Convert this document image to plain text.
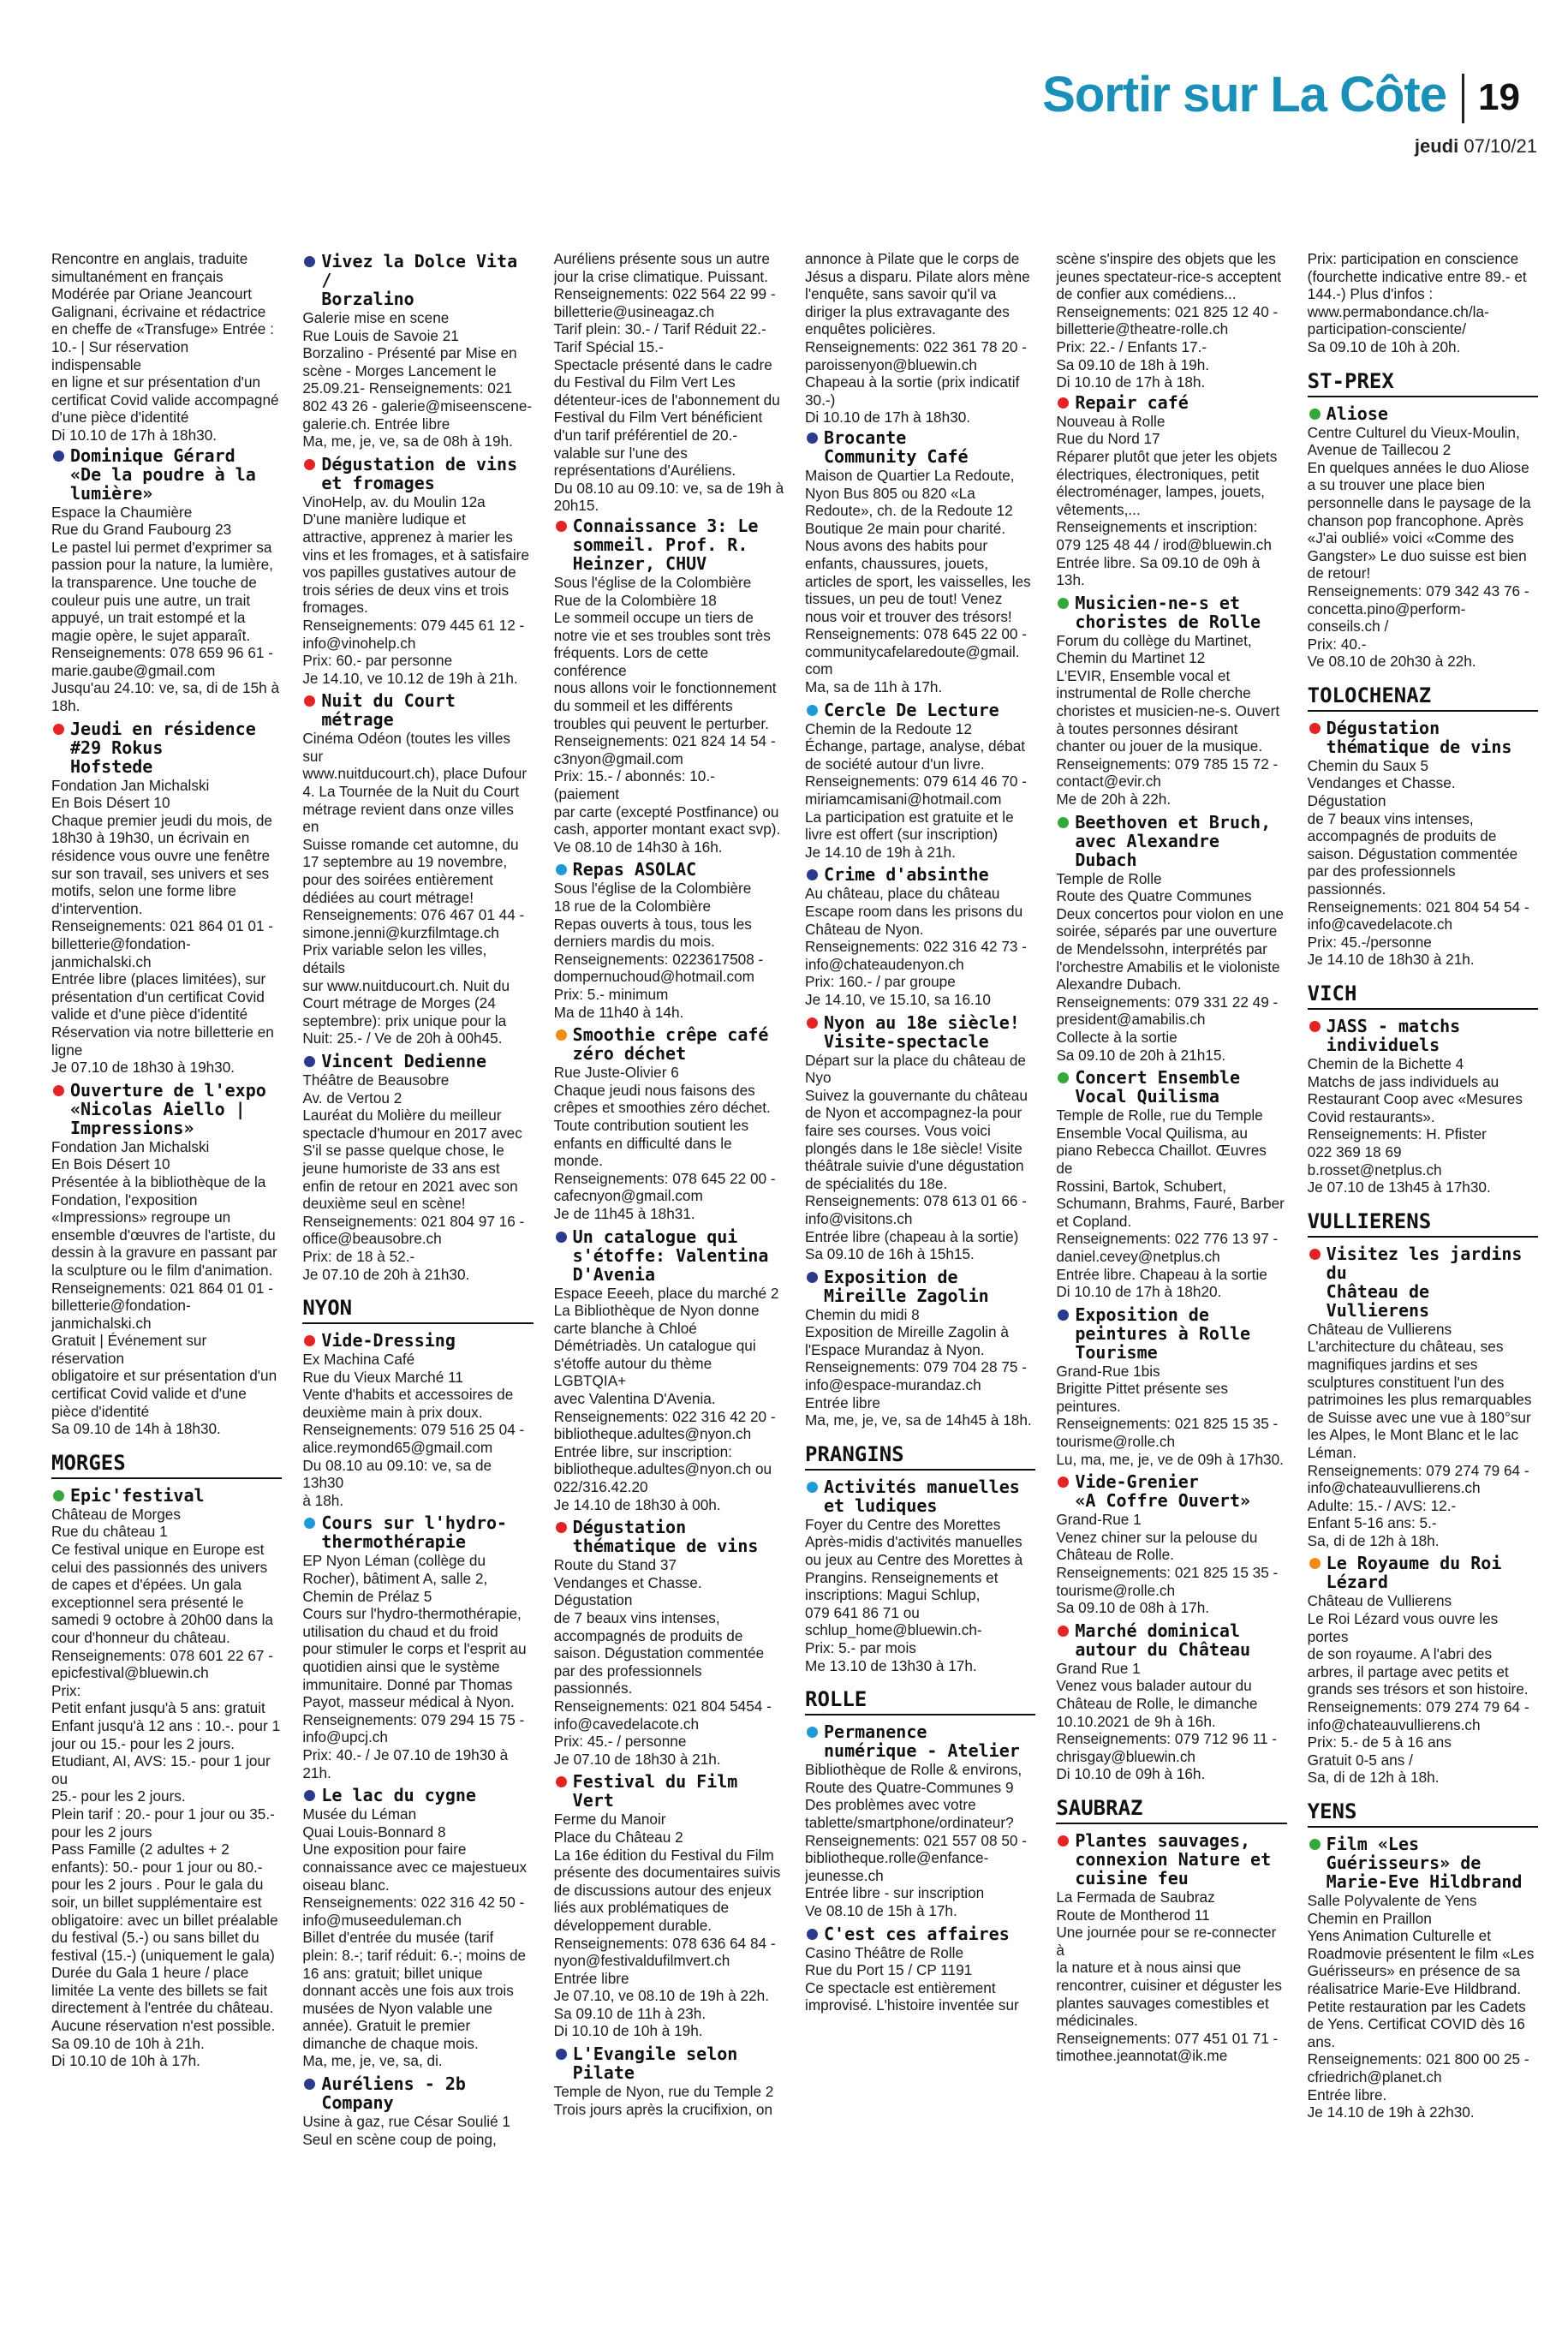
Sortir sur La Côte 19
jeudi 07/10/21

Rencontre en anglais, traduite
simultanément en français
Modérée par Oriane Jeancourt
Galignani, écrivaine et rédactrice
en cheffe de «Transfuge» Entrée :
10.- | Sur réservation indispensable
en ligne et sur présentation d'un
certificat Covid valide accompagné
d'une pièce d'identité
Di 10.10 de 17h à 18h30.

Dominique Gérard
«De la poudre à la
lumière»

Espace la Chaumière
Rue du Grand Faubourg 23
Le pastel lui permet d'exprimer sa
passion pour la nature, la lumière,
la transparence. Une touche de
couleur puis une autre, un trait
appuyé, un trait estompé et la
magie opère, le sujet apparaît.
Renseignements: 078 659 96 61 -
marie.gaube@gmail.com
Jusqu'au 24.10: ve, sa, di de 15h à
18h.

Jeudi en résidence
#29 Rokus
Hofstede

Fondation Jan Michalski
En Bois Désert 10
Chaque premier jeudi du mois, de
18h30 à 19h30, un écrivain en
résidence vous ouvre une fenêtre
sur son travail, ses univers et ses
motifs, selon une forme libre
d'intervention.
Renseignements: 021 864 01 01 -
billetterie@fondation-
janmichalski.ch
Entrée libre (places limitées), sur
présentation d'un certificat Covid
valide et d'une pièce d'identité
Réservation via notre billetterie en
ligne
Je 07.10 de 18h30 à 19h30.

Ouverture de l'expo
«Nicolas Aiello |
Impressions»

Fondation Jan Michalski
En Bois Désert 10
Présentée à la bibliothèque de la
Fondation, l'exposition
«Impressions» regroupe un
ensemble d'œuvres de l'artiste, du
dessin à la gravure en passant par
la sculpture ou le film d'animation.
Renseignements: 021 864 01 01 -
billetterie@fondation-
janmichalski.ch
Gratuit | Événement sur réservation
obligatoire et sur présentation d'un
certificat Covid valide et d'une
pièce d'identité
Sa 09.10 de 14h à 18h30.

MORGES
Epic'festival

Château de Morges
Rue du château 1
Ce festival unique en Europe est
celui des passionnés des univers
de capes et d'épées. Un gala
exceptionnel sera présenté le
samedi 9 octobre à 20h00 dans la
cour d'honneur du château.
Renseignements: 078 601 22 67 -
epicfestival@bluewin.ch
Prix:
Petit enfant jusqu'à 5 ans: gratuit
Enfant jusqu'à 12 ans : 10.-. pour 1
jour ou 15.- pour les 2 jours.
Etudiant, AI, AVS: 15.- pour 1 jour ou
25.- pour les 2 jours.
Plein tarif : 20.- pour 1 jour ou 35.-
pour les 2 jours
Pass Famille (2 adultes + 2
enfants): 50.- pour 1 jour ou 80.-
pour les 2 jours . Pour le gala du
soir, un billet supplémentaire est
obligatoire: avec un billet préalable
du festival (5.-) ou sans billet du
festival (15.-) (uniquement le gala)
Durée du Gala 1 heure / place
limitée La vente des billets se fait
directement à l'entrée du château.
Aucune réservation n'est possible.
Sa 09.10 de 10h à 21h.
Di 10.10 de 10h à 17h.

Vivez la Dolce Vita /
Borzalino

Galerie mise en scene
Rue Louis de Savoie 21
Borzalino - Présenté par Mise en
scène - Morges Lancement le
25.09.21- Renseignements: 021
802 43 26 - galerie@miseenscene-
galerie.ch. Entrée libre
Ma, me, je, ve, sa de 08h à 19h.

Dégustation de vins
et fromages

VinoHelp, av. du Moulin 12a
D'une manière ludique et
attractive, apprenez à marier les
vins et les fromages, et à satisfaire
vos papilles gustatives autour de
trois séries de deux vins et trois
fromages.
Renseignements: 079 445 61 12 -
info@vinohelp.ch
Prix: 60.- par personne
Je 14.10, ve 10.12 de 19h à 21h.

Nuit du Court métrage

Cinéma Odéon (toutes les villes sur
www.nuitducourt.ch), place Dufour
4. La Tournée de la Nuit du Court
métrage revient dans onze villes en
Suisse romande cet automne, du
17 septembre au 19 novembre,
pour des soirées entièrement
dédiées au court métrage!
Renseignements: 076 467 01 44 -
simone.jenni@kurzfilmtage.ch
Prix variable selon les villes, détails
sur www.nuitducourt.ch. Nuit du
Court métrage de Morges (24
septembre): prix unique pour la
Nuit: 25.- / Ve de 20h à 00h45.

Vincent Dedienne

Théâtre de Beausobre
Av. de Vertou 2
Lauréat du Molière du meilleur
spectacle d'humour en 2017 avec
S'il se passe quelque chose, le
jeune humoriste de 33 ans est
enfin de retour en 2021 avec son
deuxième seul en scène!
Renseignements: 021 804 97 16 -
office@beausobre.ch
Prix: de 18 à 52.-
Je 07.10 de 20h à 21h30.

NYON
Vide-Dressing

Ex Machina Café
Rue du Vieux Marché 11
Vente d'habits et accessoires de
deuxième main à prix doux.
Renseignements: 079 516 25 04 -
alice.reymond65@gmail.com
Du 08.10 au 09.10: ve, sa de 13h30
à 18h.

Cours sur l'hydro-
thermothérapie

EP Nyon Léman (collège du
Rocher), bâtiment A, salle 2,
Chemin de Prélaz 5
Cours sur l'hydro-thermothérapie,
utilisation du chaud et du froid
pour stimuler le corps et l'esprit au
quotidien ainsi que le système
immunitaire. Donné par Thomas
Payot, masseur médical à Nyon.
Renseignements: 079 294 15 75 -
info@upcj.ch
Prix: 40.- / Je 07.10 de 19h30 à 21h.

Le lac du cygne

Musée du Léman
Quai Louis-Bonnard 8
Une exposition pour faire
connaissance avec ce majestueux
oiseau blanc.
Renseignements: 022 316 42 50 -
info@museeduleman.ch
Billet d'entrée du musée (tarif
plein: 8.-; tarif réduit: 6.-; moins de
16 ans: gratuit; billet unique
donnant accès une fois aux trois
musées de Nyon valable une
année). Gratuit le premier
dimanche de chaque mois.
Ma, me, je, ve, sa, di.

Auréliens - 2b
Company

Usine à gaz, rue César Soulié 1
Seul en scène coup de poing,

Auréliens présente sous un autre
jour la crise climatique. Puissant.
Renseignements: 022 564 22 99 -
billetterie@usineagaz.ch
Tarif plein: 30.- / Tarif Réduit 22.-
Tarif Spécial 15.-
Spectacle présenté dans le cadre
du Festival du Film Vert Les
détenteur-ices de l'abonnement du
Festival du Film Vert bénéficient
d'un tarif préférentiel de 20.-
valable sur l'une des
représentations d'Auréliens.
Du 08.10 au 09.10: ve, sa de 19h à
20h15.

Connaissance 3: Le
sommeil. Prof. R.
Heinzer, CHUV

Sous l'église de la Colombière
Rue de la Colombière 18
Le sommeil occupe un tiers de
notre vie et ses troubles sont très
fréquents. Lors de cette conférence
nous allons voir le fonctionnement
du sommeil et les différents
troubles qui peuvent le perturber.
Renseignements: 021 824 14 54 -
c3nyon@gmail.com
Prix: 15.- / abonnés: 10.- (paiement
par carte (excepté Postfinance) ou
cash, apporter montant exact svp).
Ve 08.10 de 14h30 à 16h.

Repas ASOLAC

Sous l'église de la Colombière
18 rue de la Colombière
Repas ouverts à tous, tous les
derniers mardis du mois.
Renseignements: 0223617508 -
dompernuchoud@hotmail.com
Prix: 5.- minimum
Ma de 11h40 à 14h.

Smoothie crêpe café
zéro déchet

Rue Juste-Olivier 6
Chaque jeudi nous faisons des
crêpes et smoothies zéro déchet.
Toute contribution soutient les
enfants en difficulté dans le
monde.
Renseignements: 078 645 22 00 -
cafecnyon@gmail.com
Je de 11h45 à 18h31.

Un catalogue qui
s'étoffe: Valentina
D'Avenia

Espace Eeeeh, place du marché 2
La Bibliothèque de Nyon donne
carte blanche à Chloé
Démétriadès. Un catalogue qui
s'étoffe autour du thème LGBTQIA+
avec Valentina D'Avenia.
Renseignements: 022 316 42 20 -
bibliotheque.adultes@nyon.ch
Entrée libre, sur inscription:
bibliotheque.adultes@nyon.ch ou
022/316.42.20
Je 14.10 de 18h30 à 00h.

Dégustation
thématique de vins

Route du Stand 37
Vendanges et Chasse. Dégustation
de 7 beaux vins intenses,
accompagnés de produits de
saison. Dégustation commentée
par des professionnels
passionnés.
Renseignements: 021 804 5454 -
info@cavedelacote.ch
Prix: 45.- / personne
Je 07.10 de 18h30 à 21h.

Festival du Film Vert

Ferme du Manoir
Place du Château 2
La 16e édition du Festival du Film
présente des documentaires suivis
de discussions autour des enjeux
liés aux problématiques de
développement durable.
Renseignements: 078 636 64 84 -
nyon@festivaldufilmvert.ch
Entrée libre
Je 07.10, ve 08.10 de 19h à 22h.
Sa 09.10 de 11h à 23h.
Di 10.10 de 10h à 19h.

L'Evangile selon
Pilate

Temple de Nyon, rue du Temple 2
Trois jours après la crucifixion, on

annonce à Pilate que le corps de
Jésus a disparu. Pilate alors mène
l'enquête, sans savoir qu'il va
diriger la plus extravagante des
enquêtes policières.
Renseignements: 022 361 78 20 -
paroissenyon@bluewin.ch
Chapeau à la sortie (prix indicatif
30.-)
Di 10.10 de 17h à 18h30.

Brocante
Community Café

Maison de Quartier La Redoute,
Nyon Bus 805 ou 820 «La
Redoute», ch. de la Redoute 12
Boutique 2e main pour charité.
Nous avons des habits pour
enfants, chaussures, jouets,
articles de sport, les vaisselles, les
tissues, un peu de tout! Venez
nous voir et trouver des trésors!
Renseignements: 078 645 22 00 -
communitycafelaredoute@gmail.
com
Ma, sa de 11h à 17h.

Cercle De Lecture

Chemin de la Redoute 12
Échange, partage, analyse, débat
de société autour d'un livre.
Renseignements: 079 614 46 70 -
miriamcamisani@hotmail.com
La participation est gratuite et le
livre est offert (sur inscription)
Je 14.10 de 19h à 21h.

Crime d'absinthe

Au château, place du château
Escape room dans les prisons du
Château de Nyon.
Renseignements: 022 316 42 73 -
info@chateaudenyon.ch
Prix: 160.- / par groupe
Je 14.10, ve 15.10, sa 16.10

Nyon au 18e siècle!
Visite-spectacle

Départ sur la place du château de
Nyo
Suivez la gouvernante du château
de Nyon et accompagnez-la pour
faire ses courses. Vous voici
plongés dans le 18e siècle! Visite
théâtrale suivie d'une dégustation
de spécialités du 18e.
Renseignements: 078 613 01 66 -
info@visitons.ch
Entrée libre (chapeau à la sortie)
Sa 09.10 de 16h à 15h15.

Exposition de
Mireille Zagolin

Chemin du midi 8
Exposition de Mireille Zagolin à
l'Espace Murandaz à Nyon.
Renseignements: 079 704 28 75 -
info@espace-murandaz.ch
Entrée libre
Ma, me, je, ve, sa de 14h45 à 18h.

PRANGINS
Activités manuelles
et ludiques

Foyer du Centre des Morettes
Après-midis d'activités manuelles
ou jeux au Centre des Morettes à
Prangins. Renseignements et
inscriptions: Magui Schlup,
079 641 86 71 ou
schlup_home@bluewin.ch-
Prix: 5.- par mois
Me 13.10 de 13h30 à 17h.

ROLLE
Permanence
numérique - Atelier

Bibliothèque de Rolle & environs,
Route des Quatre-Communes 9
Des problèmes avec votre
tablette/smartphone/ordinateur?
Renseignements: 021 557 08 50 -
bibliotheque.rolle@enfance-
jeunesse.ch
Entrée libre - sur inscription
Ve 08.10 de 15h à 17h.

C'est ces affaires

Casino Théâtre de Rolle
Rue du Port 15 / CP 1191
Ce spectacle est entièrement
improvisé. L'histoire inventée sur

scène s'inspire des objets que les
jeunes spectateur-rice-s acceptent
de confier aux comédiens...
Renseignements: 021 825 12 40 -
billetterie@theatre-rolle.ch
Prix: 22.- / Enfants 17.-
Sa 09.10 de 18h à 19h.
Di 10.10 de 17h à 18h.

Repair café

Nouveau à Rolle
Rue du Nord 17
Réparer plutôt que jeter les objets
électriques, électroniques, petit
électroménager, lampes, jouets,
vêtements,...
Renseignements et inscription:
079 125 48 44 / irod@bluewin.ch
Entrée libre. Sa 09.10 de 09h à 13h.

Musicien-ne-s et
choristes de Rolle

Forum du collège du Martinet,
Chemin du Martinet 12
L'EVIR, Ensemble vocal et
instrumental de Rolle cherche
choristes et musicien-ne-s. Ouvert
à toutes personnes désirant
chanter ou jouer de la musique.
Renseignements: 079 785 15 72 -
contact@evir.ch
Me de 20h à 22h.

Beethoven et Bruch,
avec Alexandre
Dubach

Temple de Rolle
Route des Quatre Communes
Deux concertos pour violon en une
soirée, séparés par une ouverture
de Mendelssohn, interprétés par
l'orchestre Amabilis et le violoniste
Alexandre Dubach.
Renseignements: 079 331 22 49 -
president@amabilis.ch
Collecte à la sortie
Sa 09.10 de 20h à 21h15.

Concert Ensemble
Vocal Quilisma

Temple de Rolle, rue du Temple
Ensemble Vocal Quilisma, au
piano Rebecca Chaillot. Œuvres de
Rossini, Bartok, Schubert,
Schumann, Brahms, Fauré, Barber
et Copland.
Renseignements: 022 776 13 97 -
daniel.cevey@netplus.ch
Entrée libre. Chapeau à la sortie
Di 10.10 de 17h à 18h20.

Exposition de
peintures à Rolle
Tourisme

Grand-Rue 1bis
Brigitte Pittet présente ses
peintures.
Renseignements: 021 825 15 35 -
tourisme@rolle.ch
Lu, ma, me, je, ve de 09h à 17h30.

Vide-Grenier
«A Coffre Ouvert»

Grand-Rue 1
Venez chiner sur la pelouse du
Château de Rolle.
Renseignements: 021 825 15 35 -
tourisme@rolle.ch
Sa 09.10 de 08h à 17h.

Marché dominical
autour du Château

Grand Rue 1
Venez vous balader autour du
Château de Rolle, le dimanche
10.10.2021 de 9h à 16h.
Renseignements: 079 712 96 11 -
chrisgay@bluewin.ch
Di 10.10 de 09h à 16h.

SAUBRAZ
Plantes sauvages,
connexion Nature et
cuisine feu

La Fermada de Saubraz
Route de Montherod 11
Une journée pour se re-connecter à
la nature et à nous ainsi que
rencontrer, cuisiner et déguster les
plantes sauvages comestibles et
médicinales.
Renseignements: 077 451 01 71 -
timothee.jeannotat@ik.me

Prix: participation en conscience
(fourchette indicative entre 89.- et
144.-) Plus d'infos :
www.permabondance.ch/la-
participation-consciente/
Sa 09.10 de 10h à 20h.

ST-PREX
Aliose

Centre Culturel du Vieux-Moulin,
Avenue de Taillecou 2
En quelques années le duo Aliose
a su trouver une place bien
personnelle dans le paysage de la
chanson pop francophone. Après
«J'ai oublié» voici «Comme des
Gangster» Le duo suisse est bien
de retour!
Renseignements: 079 342 43 76 -
concetta.pino@perform-
conseils.ch /
Prix: 40.-
Ve 08.10 de 20h30 à 22h.

TOLOCHENAZ
Dégustation
thématique de vins

Chemin du Saux 5
Vendanges et Chasse. Dégustation
de 7 beaux vins intenses,
accompagnés de produits de
saison. Dégustation commentée
par des professionnels
passionnés.
Renseignements: 021 804 54 54 -
info@cavedelacote.ch
Prix: 45.-/personne
Je 14.10 de 18h30 à 21h.

VICH
JASS - matchs
individuels

Chemin de la Bichette 4
Matchs de jass individuels au
Restaurant Coop avec «Mesures
Covid restaurants».
Renseignements: H. Pfister
022 369 18 69
b.rosset@netplus.ch
Je 07.10 de 13h45 à 17h30.

VULLIERENS
Visitez les jardins du
Château de Vullierens

Château de Vullierens
L'architecture du château, ses
magnifiques jardins et ses
sculptures constituent l'un des
patrimoines les plus remarquables
de Suisse avec une vue à 180°sur
les Alpes, le Mont Blanc et le lac
Léman.
Renseignements: 079 274 79 64 -
info@chateauvullierens.ch
Adulte: 15.- / AVS: 12.-
Enfant 5-16 ans: 5.-
Sa, di de 12h à 18h.

Le Royaume du Roi
Lézard

Château de Vullierens
Le Roi Lézard vous ouvre les portes
de son royaume. A l'abri des
arbres, il partage avec petits et
grands ses trésors et son histoire.
Renseignements: 079 274 79 64 -
info@chateauvullierens.ch
Prix: 5.- de 5 à 16 ans
Gratuit 0-5 ans /
Sa, di de 12h à 18h.

YENS
Film «Les
Guérisseurs» de
Marie-Eve Hildbrand

Salle Polyvalente de Yens
Chemin en Praillon
Yens Animation Culturelle et
Roadmovie présentent le film «Les
Guérisseurs» en présence de sa
réalisatrice Marie-Eve Hildbrand.
Petite restauration par les Cadets
de Yens. Certificat COVID dès 16
ans.
Renseignements: 021 800 00 25 -
cfriedrich@planet.ch
Entrée libre.
Je 14.10 de 19h à 22h30.
